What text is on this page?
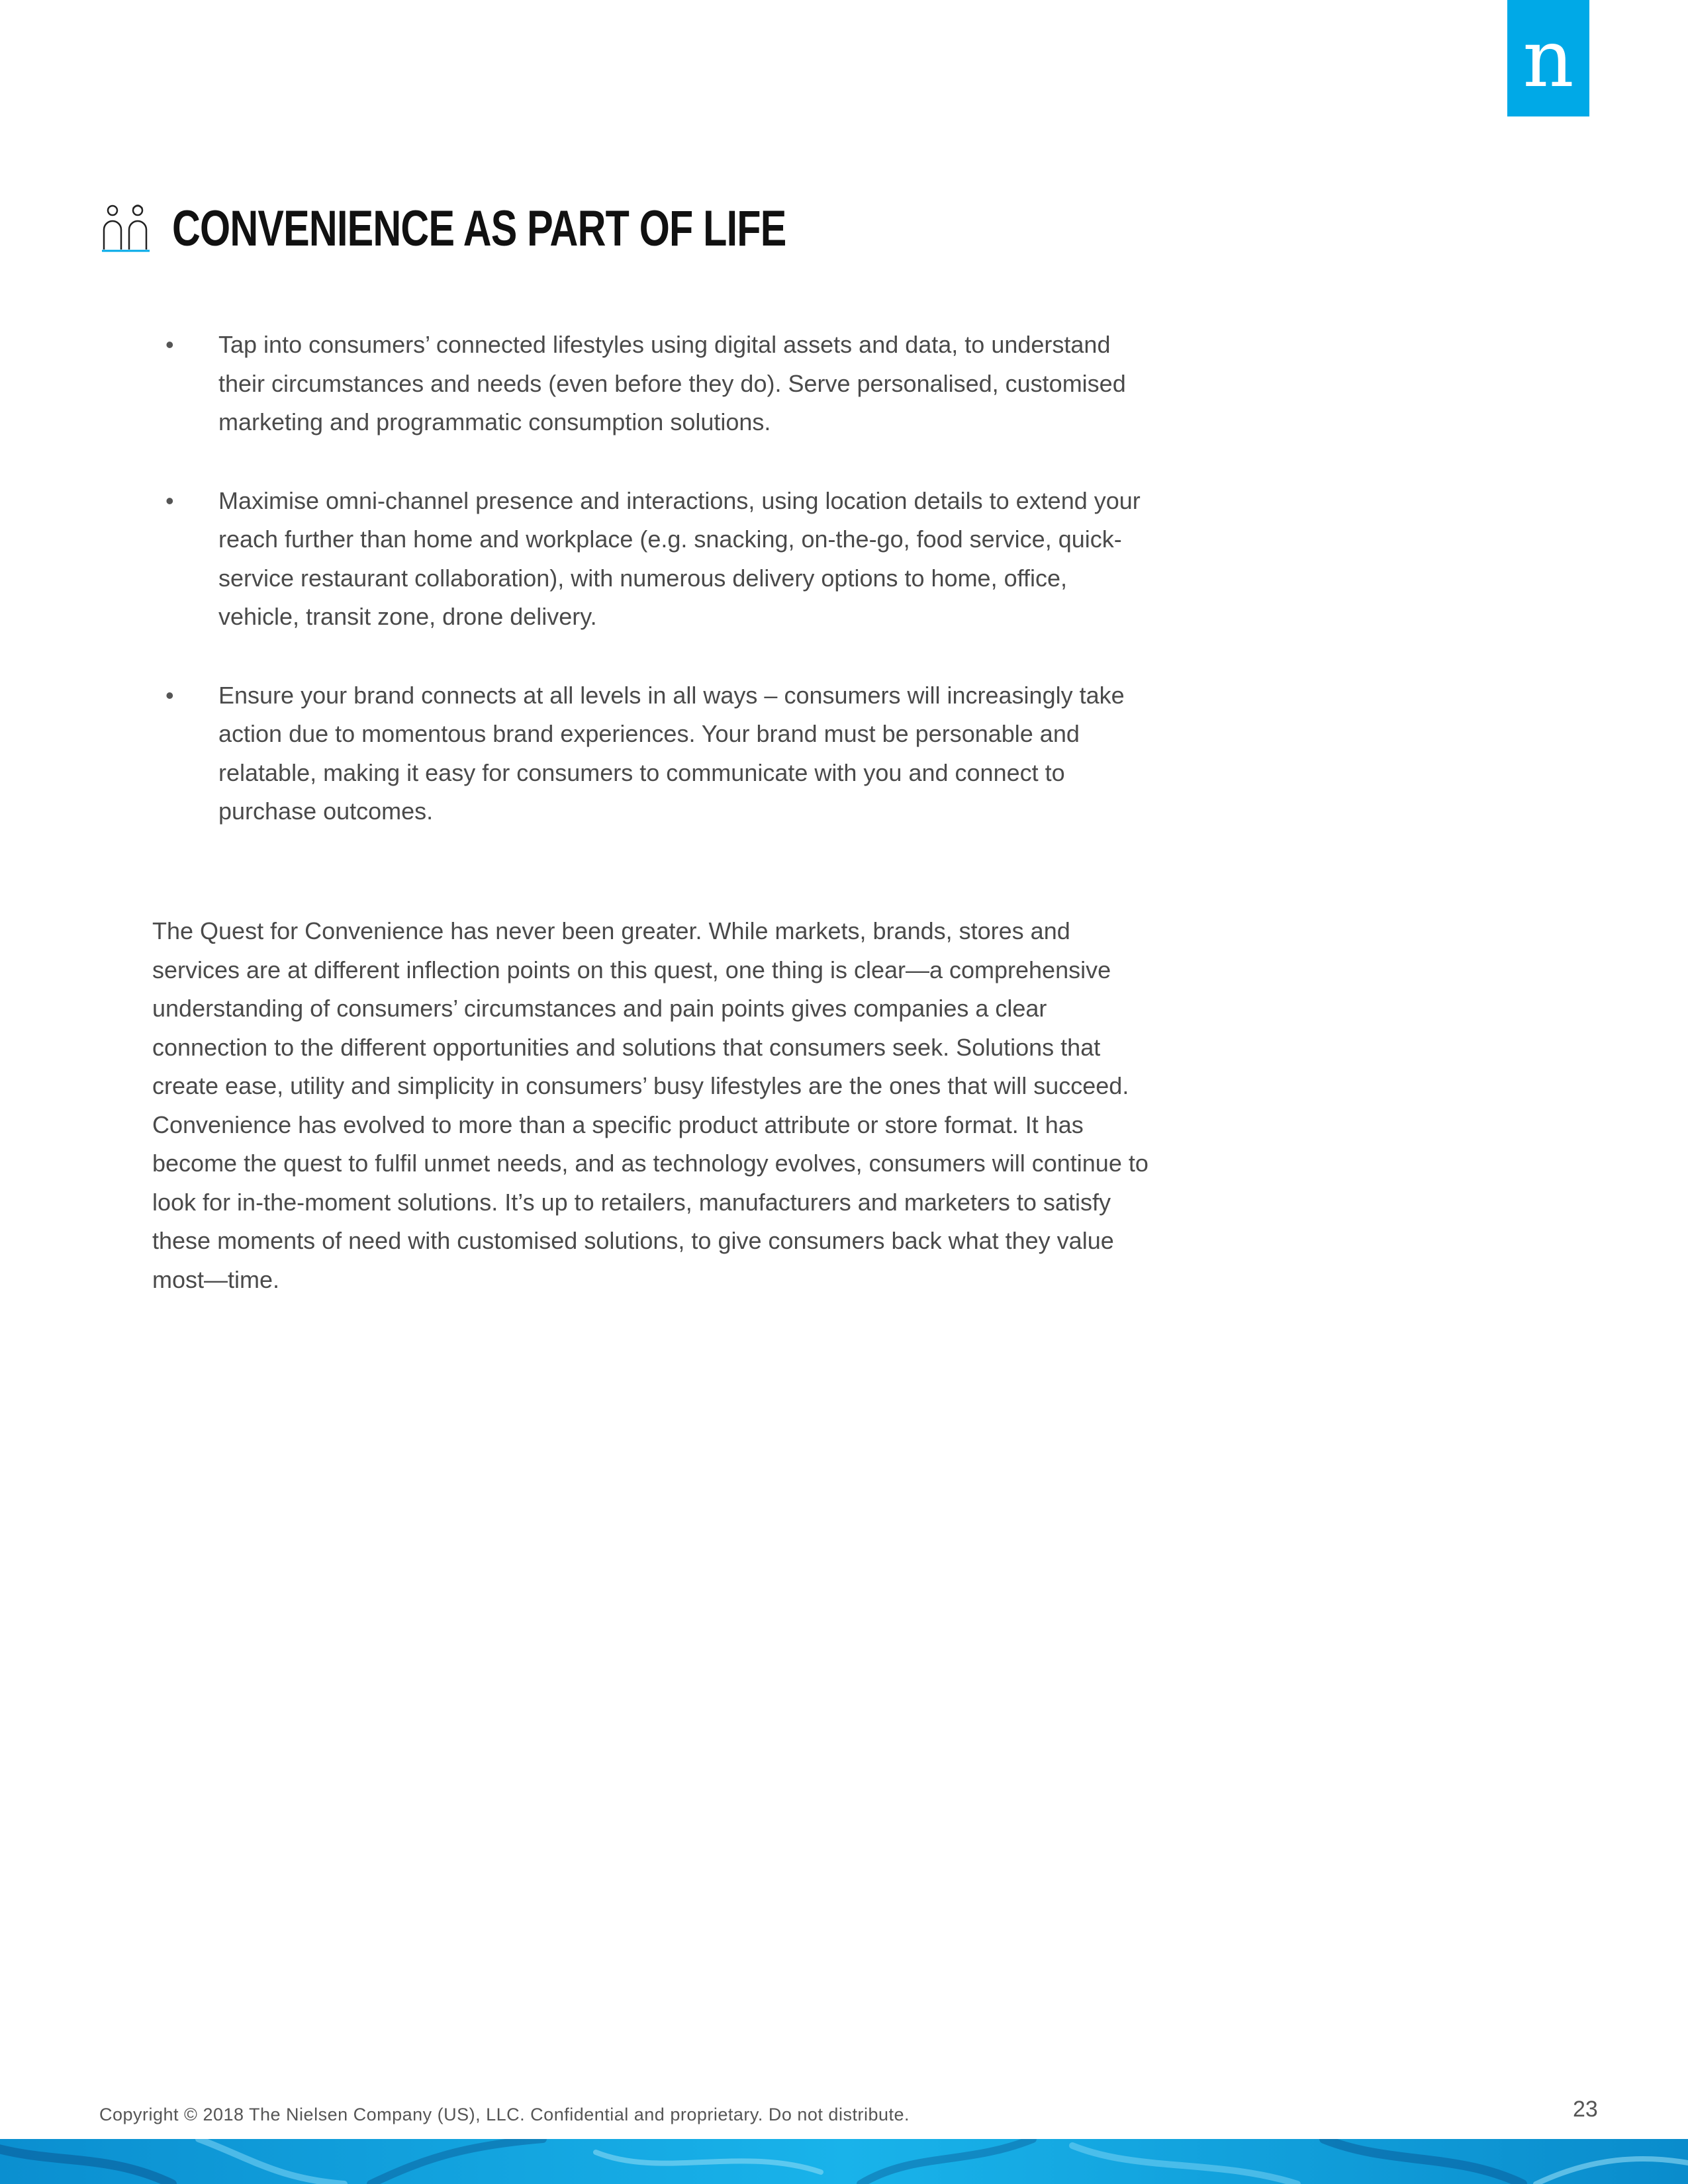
n
CONVENIENCE AS PART OF LIFE
• Tap into consumers’ connected lifestyles using digital assets and data, to understand their circumstances and needs (even before they do). Serve personalised, customised marketing and programmatic consumption solutions.
• Maximise omni-channel presence and interactions, using location details to extend your reach further than home and workplace (e.g. snacking, on-the-go, food service, quick-service restaurant collaboration), with numerous delivery options to home, office, vehicle, transit zone, drone delivery.
• Ensure your brand connects at all levels in all ways – consumers will increasingly take action due to momentous brand experiences. Your brand must be personable and relatable, making it easy for consumers to communicate with you and connect to purchase outcomes.

The Quest for Convenience has never been greater. While markets, brands, stores and services are at different inflection points on this quest, one thing is clear—a comprehensive understanding of consumers’ circumstances and pain points gives companies a clear connection to the different opportunities and solutions that consumers seek. Solutions that create ease, utility and simplicity in consumers’ busy lifestyles are the ones that will succeed. Convenience has evolved to more than a specific product attribute or store format. It has become the quest to fulfil unmet needs, and as technology evolves, consumers will continue to look for in-the-moment solutions. It’s up to retailers, manufacturers and marketers to satisfy these moments of need with customised solutions, to give consumers back what they value most—time.

Copyright © 2018 The Nielsen Company (US), LLC. Confidential and proprietary. Do not distribute.	23
